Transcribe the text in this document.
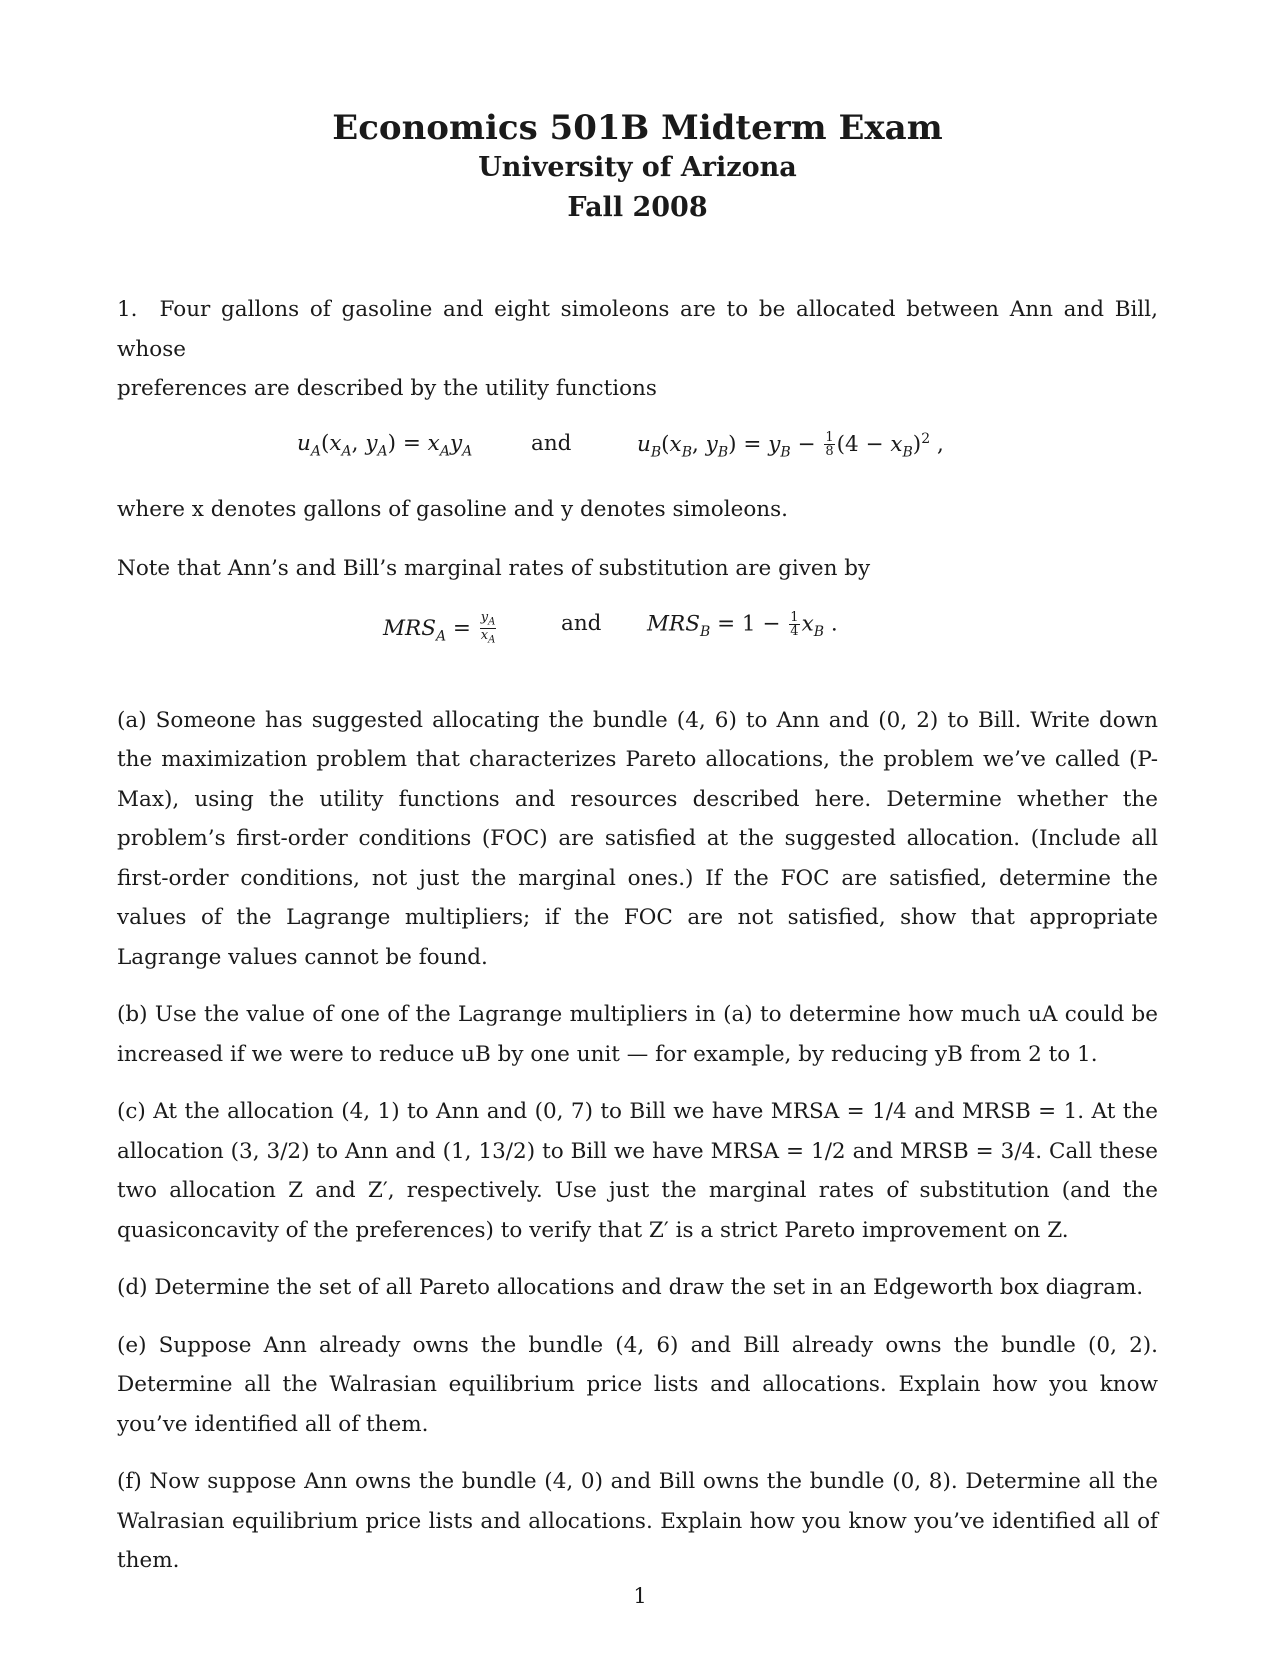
Economics 501B Midterm Exam
University of Arizona
Fall 2008

1. Four gallons of gasoline and eight simoleons are to be allocated between Ann and Bill, whose
preferences are described by the utility functions

$u_A(x_A$, $y_A) = x_Ay_A$	and	$u_B(x_B$, $y_B) = y_B - \frac{1}{8} (4 - x_B)^2$ ,

where x denotes gallons of gasoline and y denotes simoleons.

Note that Ann’s and Bill’s marginal rates of substitution are given by

$MRS_A = \frac{y_A}{x_A}$	and $MRS_B = 1 - \frac{1}{4} x_B$ .

(a) Someone has suggested allocating the bundle (4, 6) to Ann and (0, 2) to Bill. Write down the maximization problem that characterizes Pareto allocations, the problem we’ve called (P-Max), using the utility functions and resources described here. Determine whether the problem’s first-order conditions (FOC) are satisfied at the suggested allocation. (Include all first-order conditions, not just the marginal ones.) If the FOC are satisfied, determine the values of the Lagrange multipliers; if the FOC are not satisfied, show that appropriate Lagrange values cannot be found.

(b) Use the value of one of the Lagrange multipliers in (a) to determine how much uA could be increased if we were to reduce uB by one unit — for example, by reducing yB from 2 to 1.

(c) At the allocation (4, 1) to Ann and (0, 7) to Bill we have MRSA = 1/4 and MRSB = 1. At the allocation (3, 3/2) to Ann and (1, 13/2) to Bill we have MRSA = 1/2 and MRSB = 3/4. Call these two allocation Z and Z′, respectively. Use just the marginal rates of substitution (and the quasiconcavity of the preferences) to verify that Z′ is a strict Pareto improvement on Z.

(d) Determine the set of all Pareto allocations and draw the set in an Edgeworth box diagram.

(e) Suppose Ann already owns the bundle (4, 6) and Bill already owns the bundle (0, 2). Determine all the Walrasian equilibrium price lists and allocations. Explain how you know you’ve identified all of them.

(f) Now suppose Ann owns the bundle (4, 0) and Bill owns the bundle (0, 8). Determine all the Walrasian equilibrium price lists and allocations. Explain how you know you’ve identified all of them.

1
